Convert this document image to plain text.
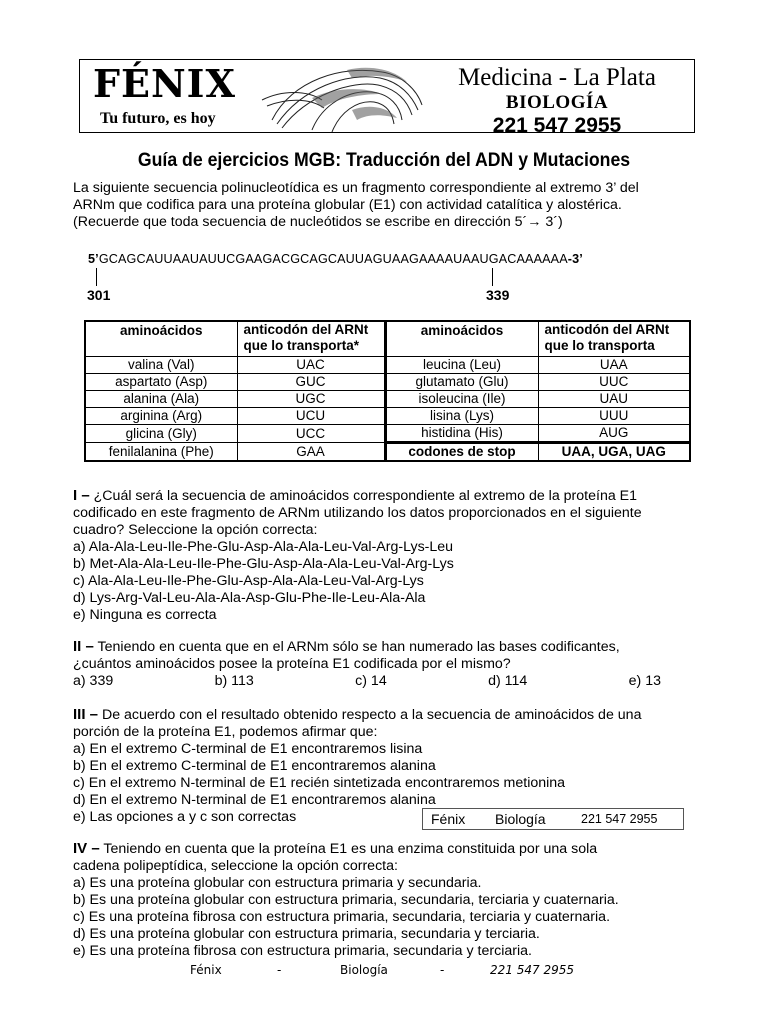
FÉNIX
Tu futuro, es hoy
Medicina - La Plata
BIOLOGÍA
221 547 2955
Guía de ejercicios MGB: Traducción del ADN y Mutaciones
La siguiente secuencia polinucleotídica es un fragmento correspondiente al extremo 3’ del
ARNm que codifica para una proteína globular (E1) con actividad catalítica y alostérica.
(Recuerde que toda secuencia de nucleótidos se escribe en dirección 5´→ 3´)
5’GCAGCAUUAAUAUUCGAAGACGCAGCAUUAGUAAGAAAAUAAUGACAAAAAA-3’
301	339
aminoácidos	anticodón del ARNt que lo transporta*	aminoácidos	anticodón del ARNt que lo transporta
valina (Val)	UAC	leucina (Leu)	UAA
aspartato (Asp)	GUC	glutamato (Glu)	UUC
alanina (Ala)	UGC	isoleucina (Ile)	UAU
arginina (Arg)	UCU	lisina (Lys)	UUU
glicina (Gly)	UCC	histidina (His)	AUG
fenilalanina (Phe)	GAA	codones de stop	UAA, UGA, UAG
I – ¿Cuál será la secuencia de aminoácidos correspondiente al extremo de la proteína E1
codificado en este fragmento de ARNm utilizando los datos proporcionados en el siguiente
cuadro? Seleccione la opción correcta:
a) Ala-Ala-Leu-Ile-Phe-Glu-Asp-Ala-Ala-Leu-Val-Arg-Lys-Leu
b) Met-Ala-Ala-Leu-Ile-Phe-Glu-Asp-Ala-Ala-Leu-Val-Arg-Lys
c) Ala-Ala-Leu-Ile-Phe-Glu-Asp-Ala-Ala-Leu-Val-Arg-Lys
d) Lys-Arg-Val-Leu-Ala-Ala-Asp-Glu-Phe-Ile-Leu-Ala-Ala
e) Ninguna es correcta
II – Teniendo en cuenta que en el ARNm sólo se han numerado las bases codificantes,
¿cuántos aminoácidos posee la proteína E1 codificada por el mismo?
a) 339	b) 113	c) 14	d) 114	e) 13
III – De acuerdo con el resultado obtenido respecto a la secuencia de aminoácidos de una
porción de la proteína E1, podemos afirmar que:
a) En el extremo C-terminal de E1 encontraremos lisina
b) En el extremo C-terminal de E1 encontraremos alanina
c) En el extremo N-terminal de E1 recién sintetizada encontraremos metionina
d) En el extremo N-terminal de E1 encontraremos alanina
e) Las opciones a y c son correctas	Fénix Biología	221 547 2955
IV – Teniendo en cuenta que la proteína E1 es una enzima constituida por una sola
cadena polipeptídica, seleccione la opción correcta:
a) Es una proteína globular con estructura primaria y secundaria.
b) Es una proteína globular con estructura primaria, secundaria, terciaria y cuaternaria.
c) Es una proteína fibrosa con estructura primaria, secundaria, terciaria y cuaternaria.
d) Es una proteína globular con estructura primaria, secundaria y terciaria.
e) Es una proteína fibrosa con estructura primaria, secundaria y terciaria.
Fénix	-	Biología	-	221 547 2955
